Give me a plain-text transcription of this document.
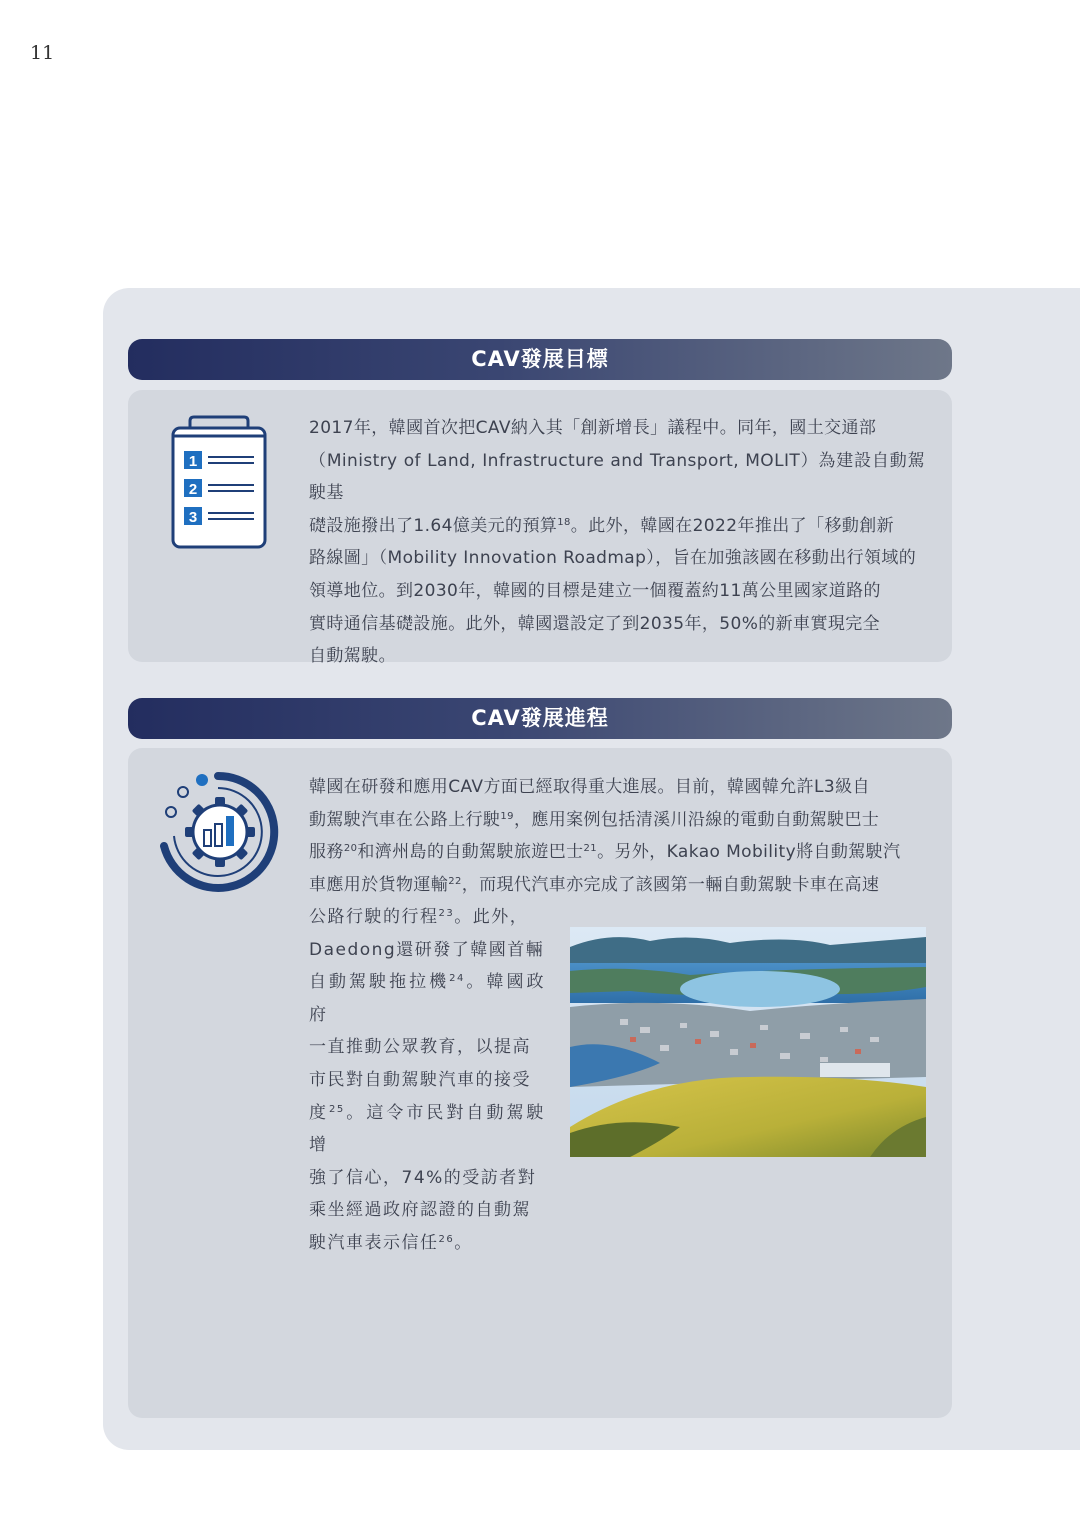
11
CAV發展目標
1
2
3

2017年，韓國首次把CAV納入其「創新增長」議程中。同年，國土交通部

（Ministry of Land, Infrastructure and Transport, MOLIT）為建設自動駕駛基

礎設施撥出了1.64億美元的預算$^{18}$。此外，韓國在2022年推出了「移動創新

路線圖」（Mobility Innovation Roadmap），旨在加強該國在移動出行領域的

領導地位。到2030年，韓國的目標是建立一個覆蓋約11萬公里國家道路的

實時通信基礎設施。此外，韓國還設定了到2035年，50%的新車實現完全

自動駕駛。

CAV發展進程

韓國在研發和應用CAV方面已經取得重大進展。目前，韓國韓允許L3級自

動駕駛汽車在公路上行駛$^{19}$，應用案例包括清溪川沿線的電動自動駕駛巴士

服務$^{20}$和濟州島的自動駕駛旅遊巴士$^{21}$。另外，Kakao Mobility將自動駕駛汽

車應用於貨物運輸$^{22}$，而現代汽車亦完成了該國第一輛自動駕駛卡車在高速

公路行駛的行程$^{23}$。此外，

Daedong還研發了韓國首輛

自動駕駛拖拉機$^{24}$。韓國政府

一直推動公眾教育，以提高

市民對自動駕駛汽車的接受

度$^{25}$。這令市民對自動駕駛增

強了信心，74%的受訪者對

乘坐經過政府認證的自動駕

駛汽車表示信任$^{26}$。
